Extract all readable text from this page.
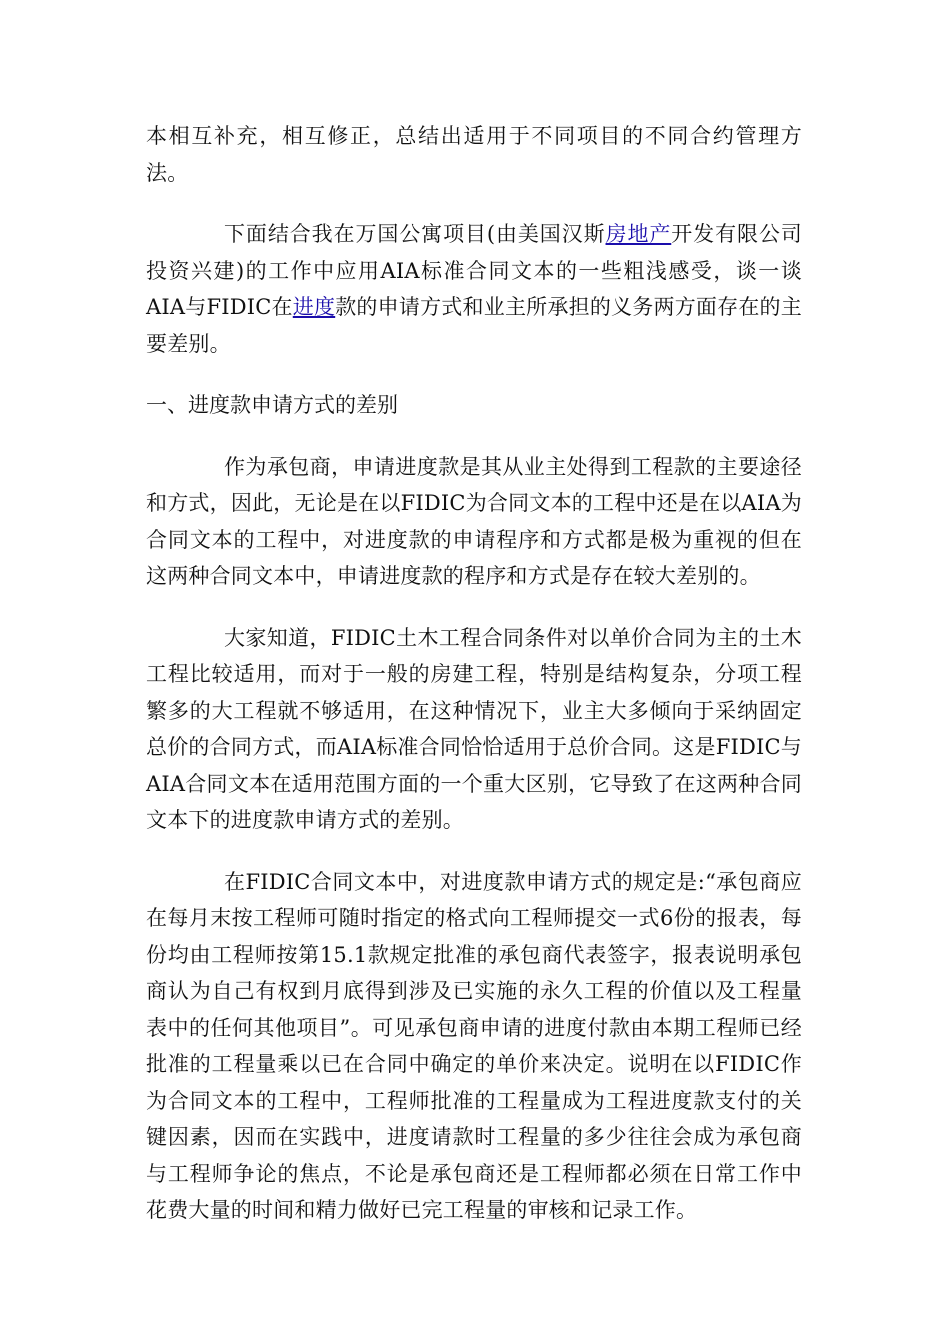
本相互补充，相互修正，总结出适用于不同项目的不同合约管理方法。

下面结合我在万国公寓项目(由美国汉斯房地产开发有限公司投资兴建)的工作中应用AIA标准合同文本的一些粗浅感受，谈一谈AIA与FIDIC在进度款的申请方式和业主所承担的义务两方面存在的主要差别。

一、进度款申请方式的差别

作为承包商，申请进度款是其从业主处得到工程款的主要途径和方式，因此，无论是在以FIDIC为合同文本的工程中还是在以AIA为合同文本的工程中，对进度款的申请程序和方式都是极为重视的但在这两种合同文本中，申请进度款的程序和方式是存在较大差别的。

大家知道，FIDIC土木工程合同条件对以单价合同为主的土木工程比较适用，而对于一般的房建工程，特别是结构复杂，分项工程繁多的大工程就不够适用，在这种情况下，业主大多倾向于采纳固定总价的合同方式，而AIA标准合同恰恰适用于总价合同。这是FIDIC与AIA合同文本在适用范围方面的一个重大区别，它导致了在这两种合同文本下的进度款申请方式的差别。

在FIDIC合同文本中，对进度款申请方式的规定是:“承包商应在每月末按工程师可随时指定的格式向工程师提交一式6份的报表，每份均由工程师按第15.1款规定批准的承包商代表签字，报表说明承包商认为自己有权到月底得到涉及已实施的永久工程的价值以及工程量表中的任何其他项目”。可见承包商申请的进度付款由本期工程师已经批准的工程量乘以已在合同中确定的单价来决定。说明在以FIDIC作为合同文本的工程中，工程师批准的工程量成为工程进度款支付的关键因素，因而在实践中，进度请款时工程量的多少往往会成为承包商与工程师争论的焦点，不论是承包商还是工程师都必须在日常工作中花费大量的时间和精力做好已完工程量的审核和记录工作。
